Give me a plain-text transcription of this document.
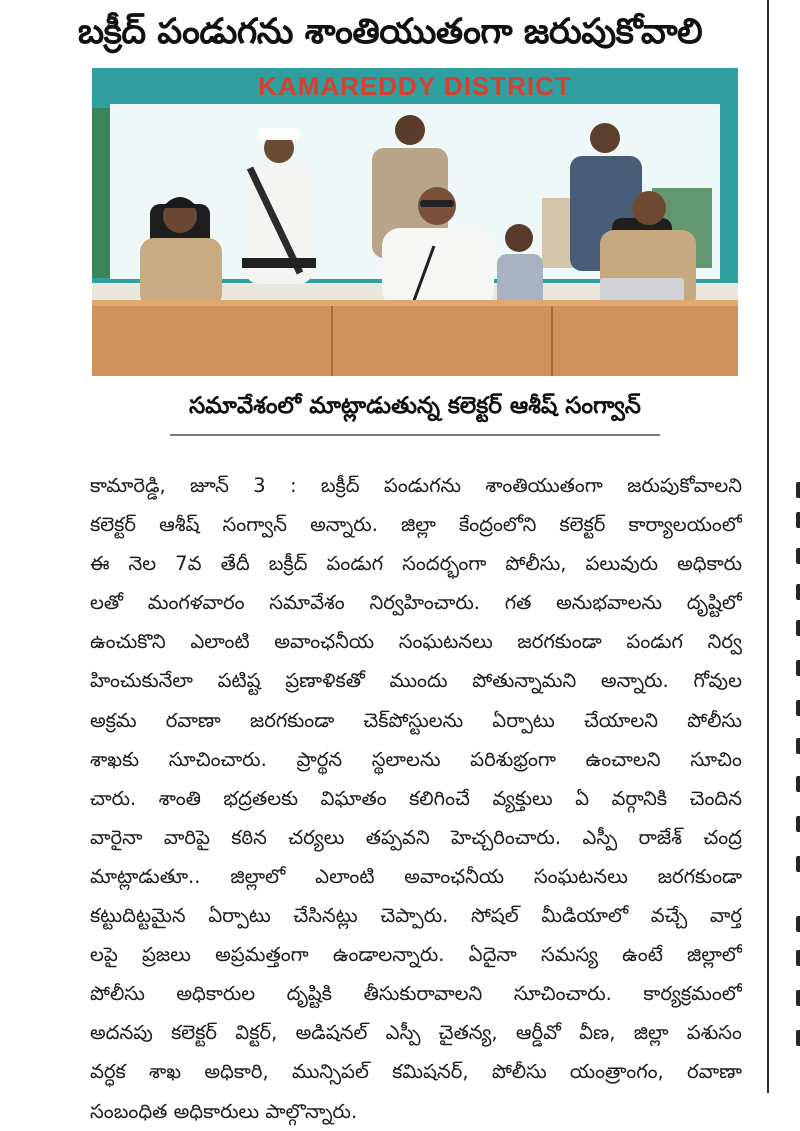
బక్రీద్ పండుగను శాంతియుతంగా జరుపుకోవాలి
KAMAREDDY DISTRICT
సమావేశంలో మాట్లాడుతున్న కలెక్టర్ ఆశీష్ సంగ్వాన్
కామారెడ్డి, జూన్ 3 : బక్రీద్ పండుగను శాంతియుతంగా జరుపుకోవాలని
కలెక్టర్ ఆశీష్ సంగ్వాన్ అన్నారు. జిల్లా కేంద్రంలోని కలెక్టర్ కార్యాలయంలో
ఈ నెల 7వ తేదీ బక్రీద్ పండుగ సందర్భంగా పోలీసు, పలువురు అధికారు
లతో మంగళవారం సమావేశం నిర్వహించారు. గత అనుభవాలను దృష్టిలో
ఉంచుకొని ఎలాంటి అవాంఛనీయ సంఘటనలు జరగకుండా పండుగ నిర్వ
హించుకునేలా పటిష్ట ప్రణాళికతో ముందు పోతున్నామని అన్నారు. గోవుల
అక్రమ రవాణా జరగకుండా చెక్‌పోస్టులను ఏర్పాటు చేయాలని పోలీసు
శాఖకు సూచించారు. ప్రార్థన స్థలాలను పరిశుభ్రంగా ఉంచాలని సూచిం
చారు. శాంతి భద్రతలకు విఘాతం కలిగించే వ్యక్తులు ఏ వర్గానికి చెందిన
వారైనా వారిపై కఠిన చర్యలు తప్పవని హెచ్చరించారు. ఎస్పీ రాజేశ్ చంద్ర
మాట్లాడుతూ.. జిల్లాలో ఎలాంటి అవాంఛనీయ సంఘటనలు జరగకుండా
కట్టుదిట్టమైన ఏర్పాటు చేసినట్లు చెప్పారు. సోషల్ మీడియాలో వచ్చే వార్త
లపై ప్రజలు అప్రమత్తంగా ఉండాలన్నారు. ఏదైనా సమస్య ఉంటే జిల్లాలో
పోలీసు అధికారుల దృష్టికి తీసుకురావాలని సూచించారు. కార్యక్రమంలో
అదనపు కలెక్టర్ విక్టర్, అడిషనల్ ఎస్పీ చైతన్య, ఆర్డీవో వీణ, జిల్లా పశుసం
వర్ధక శాఖ అధికారి, మున్సిపల్ కమిషనర్, పోలీసు యంత్రాంగం, రవాణా
సంబంధిత అధికారులు పాల్గొన్నారు.
